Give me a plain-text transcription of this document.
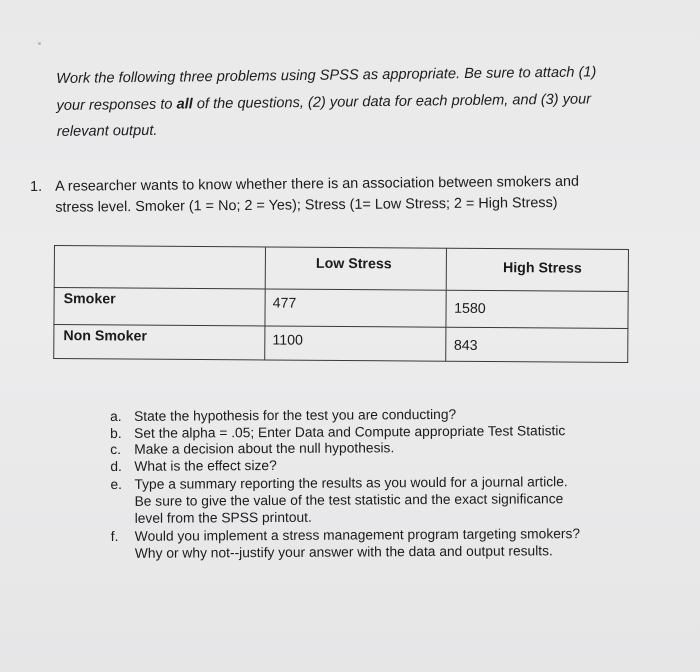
Work the following three problems using SPSS as appropriate. Be sure to attach (1)
your responses to all of the questions, (2) your data for each problem, and (3) your
relevant output.
1. A researcher wants to know whether there is an association between smokers and
stress level. Smoker (1 = No; 2 = Yes); Stress (1= Low Stress; 2 = High Stress)

	Low Stress	High Stress

Smoker	477	1580

Non Smoker	1100	843
a. State the hypothesis for the test you are conducting?
b. Set the alpha = .05; Enter Data and Compute appropriate Test Statistic
c. Make a decision about the null hypothesis.
d. What is the effect size?
e. Type a summary reporting the results as you would for a journal article.
Be sure to give the value of the test statistic and the exact significance
level from the SPSS printout.
f. Would you implement a stress management program targeting smokers?
Why or why not--justify your answer with the data and output results.
